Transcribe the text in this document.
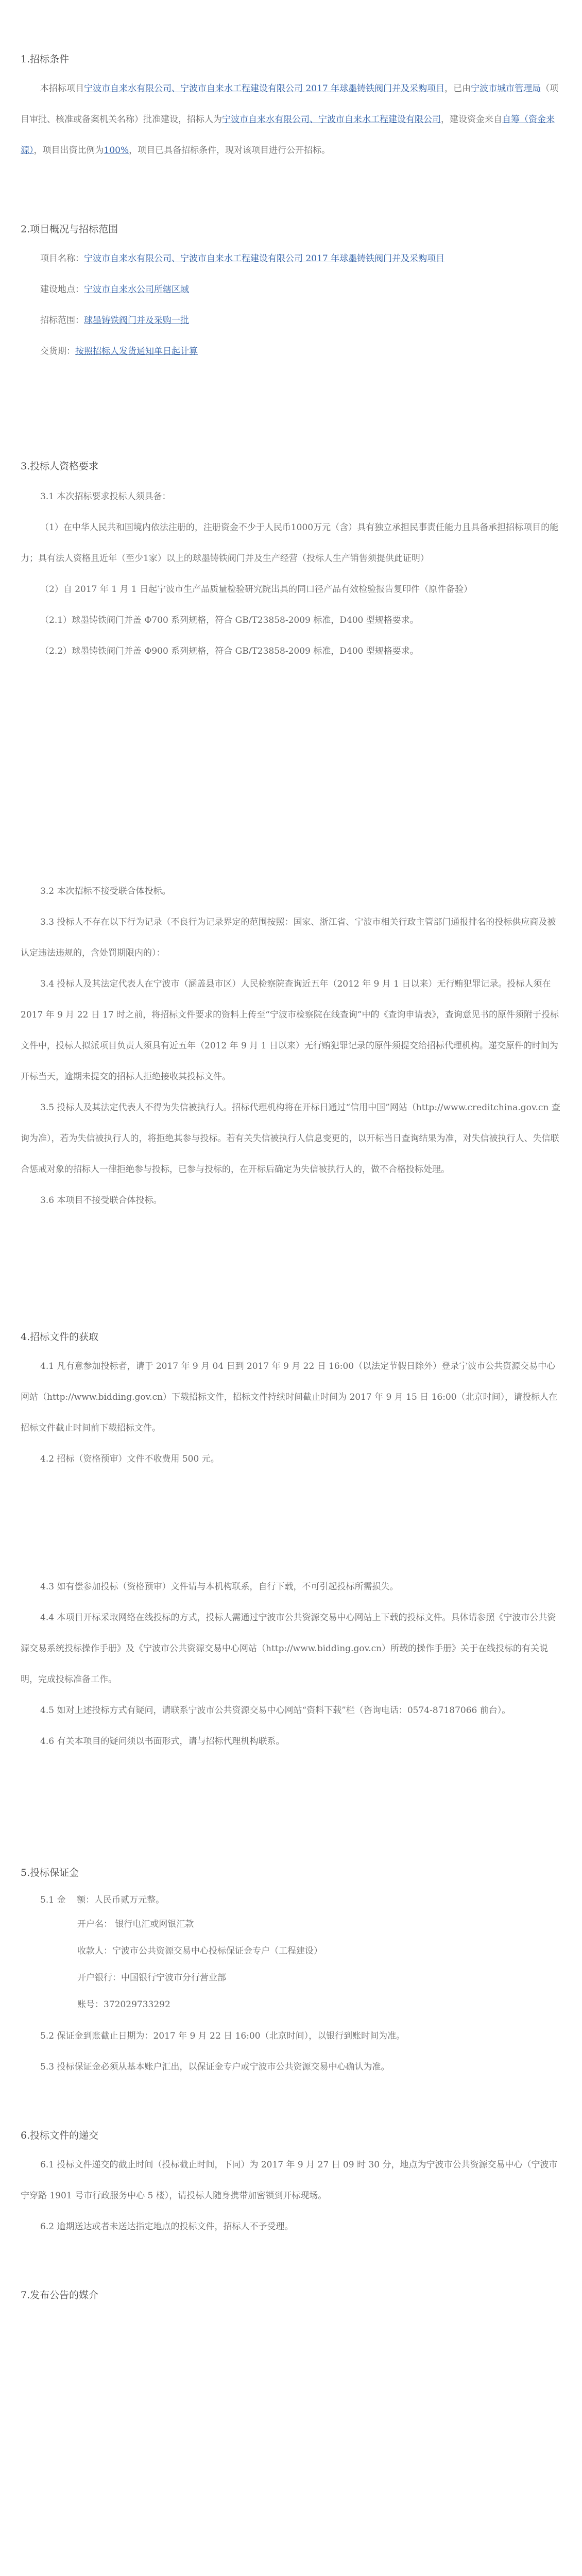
1.招标条件

本招标项目宁波市自来水有限公司、宁波市自来水工程建设有限公司 2017 年球墨铸铁阀门并及采购项目，已由宁波市城市管理局（项目审批、核准或备案机关名称）批准建设，招标人为宁波市自来水有限公司、宁波市自来水工程建设有限公司，建设资金来自自筹（资金来源），项目出资比例为100%，项目已具备招标条件，现对该项目进行公开招标。

2.项目概况与招标范围

项目名称：宁波市自来水有限公司、宁波市自来水工程建设有限公司 2017 年球墨铸铁阀门并及采购项目

建设地点：宁波市自来水公司所辖区域

招标范围：球墨铸铁阀门并及采购一批

交货期：按照招标人发货通知单日起计算

3.投标人资格要求

3.1 本次招标要求投标人须具备：

（1）在中华人民共和国境内依法注册的，注册资金不少于人民币1000万元（含）具有独立承担民事责任能力且具备承担招标项目的能力；具有法人资格且近年（至少1家）以上的球墨铸铁阀门并及生产经营（投标人生产销售须提供此证明）

（2）自 2017 年 1 月 1 日起宁波市生产品质量检验研究院出具的同口径产品有效检验报告复印件（原件备验）

（2.1）球墨铸铁阀门并盖 Φ700 系列规格，符合 GB/T23858-2009 标准，D400 型规格要求。

（2.2）球墨铸铁阀门并盖 Φ900 系列规格，符合 GB/T23858-2009 标准，D400 型规格要求。

3.2 本次招标不接受联合体投标。

3.3 投标人不存在以下行为记录（不良行为记录界定的范围按照：国家、浙江省、宁波市相关行政主管部门通报排名的投标供应商及被认定违法违规的，含处罚期限内的）：

3.4 投标人及其法定代表人在宁波市（涵盖县市区）人民检察院查询近五年（2012 年 9 月 1 日以来）无行贿犯罪记录。投标人须在 2017 年 9 月 22 日 17 时之前，将招标文件要求的资料上传至“宁波市检察院在线查询”中的《查询申请表》，查询意见书的原件须附于投标文件中，投标人拟派项目负责人须具有近五年（2012 年 9 月 1 日以来）无行贿犯罪记录的原件须提交给招标代理机构。递交原件的时间为开标当天，逾期未提交的招标人拒绝接收其投标文件。

3.5 投标人及其法定代表人不得为失信被执行人。招标代理机构将在开标日通过“信用中国”网站（http://www.creditchina.gov.cn 查询为准），若为失信被执行人的，将拒绝其参与投标。若有关失信被执行人信息变更的，以开标当日查询结果为准，对失信被执行人、失信联合惩戒对象的招标人一律拒绝参与投标，已参与投标的，在开标后确定为失信被执行人的，做不合格投标处理。

3.6 本项目不接受联合体投标。

4.招标文件的获取

4.1 凡有意参加投标者，请于 2017 年 9 月 04 日到 2017 年 9 月 22 日 16:00（以法定节假日除外）登录宁波市公共资源交易中心网站（http://www.bidding.gov.cn）下载招标文件，招标文件持续时间截止时间为 2017 年 9 月 15 日 16:00（北京时间），请投标人在招标文件截止时间前下载招标文件。

4.2 招标（资格预审）文件不收费用 500 元。

4.3 如有偿参加投标（资格预审）文件请与本机构联系，自行下载，不可引起投标所需损失。

4.4 本项目开标采取网络在线投标的方式，投标人需通过宁波市公共资源交易中心网站上下载的投标文件。具体请参照《宁波市公共资源交易系统投标操作手册》及《宁波市公共资源交易中心网站（http://www.bidding.gov.cn）所载的操作手册》关于在线投标的有关说明，完成投标准备工作。

4.5 如对上述投标方式有疑问，请联系宁波市公共资源交易中心网站“资料下载”栏（咨询电话：0574-87187066 前台）。

4.6 有关本项目的疑问须以书面形式，请与招标代理机构联系。

5.投标保证金

5.1 金 额：人民币贰万元整。

开户名： 银行电汇或网银汇款
收款人：宁波市公共资源交易中心投标保证金专户（工程建设）
开户银行：中国银行宁波市分行营业部
账号：372029733292

5.2 保证金到账截止日期为：2017 年 9 月 22 日 16:00（北京时间），以银行到账时间为准。

5.3 投标保证金必须从基本账户汇出，以保证金专户或宁波市公共资源交易中心确认为准。

6.投标文件的递交

6.1 投标文件递交的截止时间（投标截止时间，下同）为 2017 年 9 月 27 日 09 时 30 分，地点为宁波市公共资源交易中心（宁波市宁穿路 1901 号市行政服务中心 5 楼），请投标人随身携带加密锁到开标现场。

6.2 逾期送达或者未送达指定地点的投标文件，招标人不予受理。

7.发布公告的媒介
